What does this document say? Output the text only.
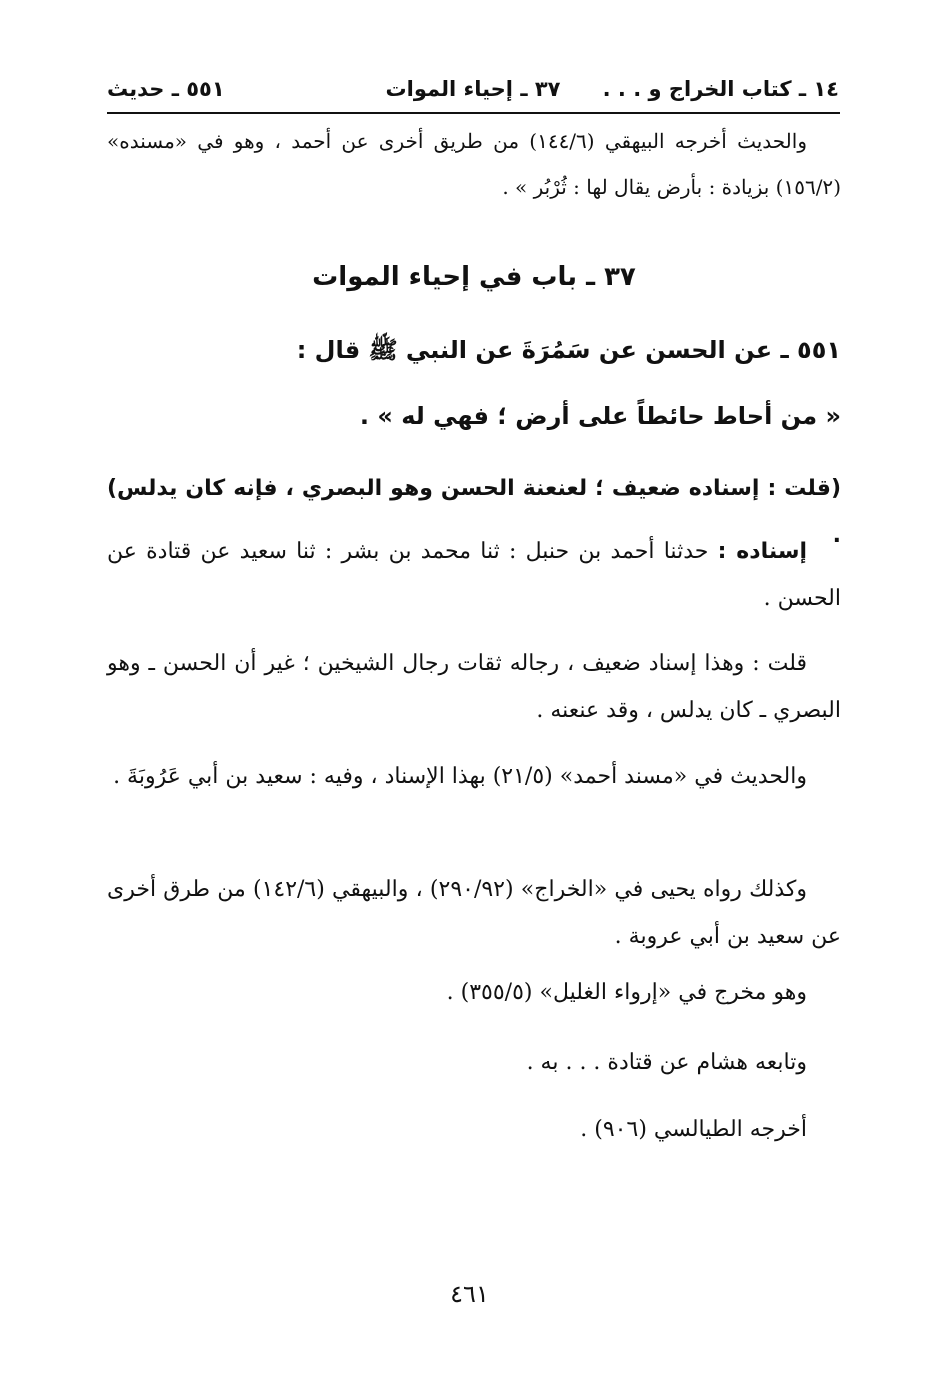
١٤ ـ كتاب الخراج و . . .
٣٧ ـ إحياء الموات
٥٥١ ـ حديث

والحديث أخرجه البيهقي (١٤٤/٦) من طريق أخرى عن أحمد ، وهو في «مسنده» (١٥٦/٢) بزيادة : بأرض يقال لها : ثُرْبُر » .

٣٧ ـ باب في إحياء الموات
٥٥١ ـ عن الحسن عن سَمُرَةَ عن النبي ﷺ قال :
« من أحاط حائطاً على أرض ؛ فهي له » .

(قلت : إسناده ضعيف ؛ لعنعنة الحسن وهو البصري ، فإنه كان يدلس) .

إسناده : حدثنا أحمد بن حنبل : ثنا محمد بن بشر : ثنا سعيد عن قتادة عن الحسن .

قلت : وهذا إسناد ضعيف ، رجاله ثقات رجال الشيخين ؛ غير أن الحسن ـ وهو البصري ـ كان يدلس ، وقد عنعنه .

والحديث في «مسند أحمد» (٢١/٥) بهذا الإسناد ، وفيه : سعيد بن أبي عَرُوبَةَ .

وكذلك رواه يحيى في «الخراج» (٢٩٠/٩٢) ، والبيهقي (١٤٢/٦) من طرق أخرى عن سعيد بن أبي عروبة .

وهو مخرج في «إرواء الغليل» (٣٥٥/٥) .
وتابعه هشام عن قتادة . . . به .
أخرجه الطيالسي (٩٠٦) .
٤٦١
